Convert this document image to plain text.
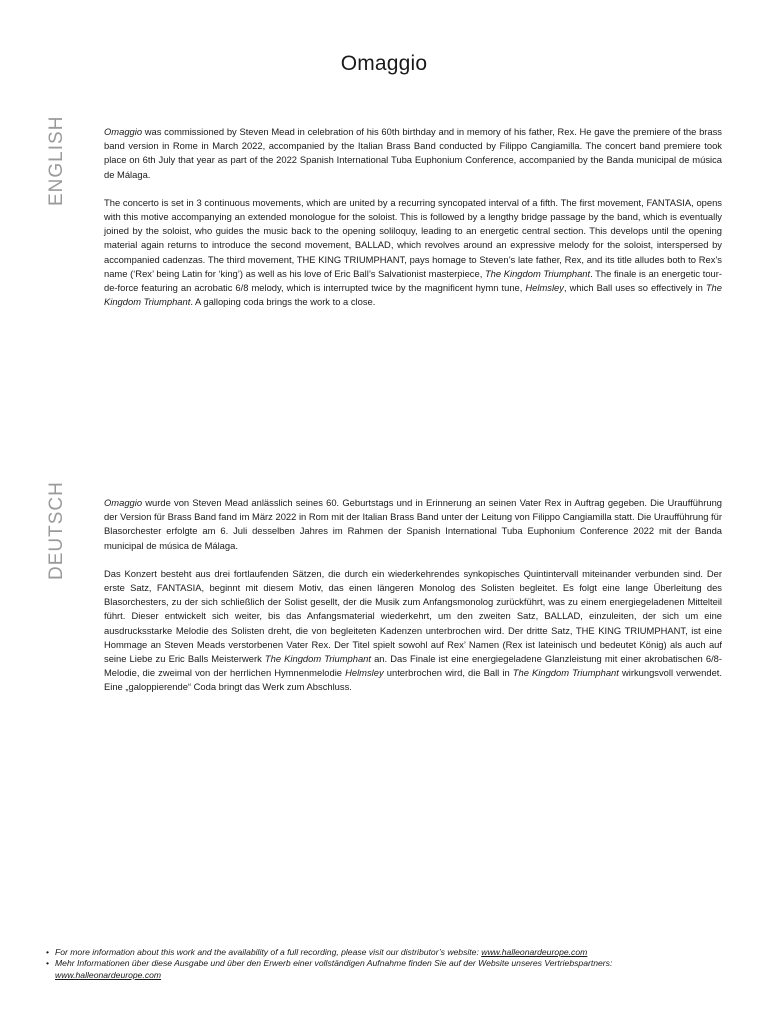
Omaggio
ENGLISH	Omaggio was commissioned by Steven Mead in celebration of his 60th birthday and in memory of his father, Rex. He gave the premiere of the brass band version in Rome in March 2022, accompanied by the Italian Brass Band conducted by Filippo Cangiamilla. The concert band premiere took place on 6th July that year as part of the 2022 Spanish International Tuba Euphonium Conference, accompanied by the Banda municipal de música de Málaga.

The concerto is set in 3 continuous movements, which are united by a recurring syncopated interval of a fifth. The first movement, FANTASIA, opens with this motive accompanying an extended monologue for the soloist. This is followed by a lengthy bridge passage by the band, which is eventually joined by the soloist, who guides the music back to the opening soliloquy, leading to an energetic central section. This develops until the opening material again returns to introduce the second movement, BALLAD, which revolves around an expressive melody for the soloist, interspersed by accompanied cadenzas. The third movement, THE KING TRIUMPHANT, pays homage to Steven’s late father, Rex, and its title alludes both to Rex’s name (‘Rex’ being Latin for ‘king’) as well as his love of Eric Ball’s Salvationist masterpiece, The Kingdom Triumphant. The finale is an energetic tour-de-force featuring an acrobatic 6/8 melody, which is interrupted twice by the magnificent hymn tune, Helmsley, which Ball uses so effectively in The Kingdom Triumphant. A galloping coda brings the work to a close.

DEUTSCH	Omaggio wurde von Steven Mead anlässlich seines 60. Geburtstags und in Erinnerung an seinen Vater Rex in Auftrag gegeben. Die Uraufführung der Version für Brass Band fand im März 2022 in Rom mit der Italian Brass Band unter der Leitung von Filippo Cangiamilla statt. Die Uraufführung für Blasorchester erfolgte am 6. Juli desselben Jahres im Rahmen der Spanish International Tuba Euphonium Conference 2022 mit der Banda municipal de música de Málaga.

Das Konzert besteht aus drei fortlaufenden Sätzen, die durch ein wiederkehrendes synkopisches Quintintervall miteinander verbunden sind. Der erste Satz, FANTASIA, beginnt mit diesem Motiv, das einen längeren Monolog des Solisten begleitet. Es folgt eine lange Überleitung des Blasorchesters, zu der sich schließlich der Solist gesellt, der die Musik zum Anfangsmonolog zurückführt, was zu einem energiegeladenen Mittelteil führt. Dieser entwickelt sich weiter, bis das Anfangsmaterial wiederkehrt, um den zweiten Satz, BALLAD, einzuleiten, der sich um eine ausdrucksstarke Melodie des Solisten dreht, die von begleiteten Kadenzen unterbrochen wird. Der dritte Satz, THE KING TRIUMPHANT, ist eine Hommage an Steven Meads verstorbenen Vater Rex. Der Titel spielt sowohl auf Rex’ Namen (Rex ist lateinisch und bedeutet König) als auch auf seine Liebe zu Eric Balls Meisterwerk The Kingdom Triumphant an. Das Finale ist eine energiegeladene Glanzleistung mit einer akrobatischen 6/8-Melodie, die zweimal von der herrlichen Hymnenmelodie Helmsley unterbrochen wird, die Ball in The Kingdom Triumphant wirkungsvoll verwendet. Eine „galoppierende“ Coda bringt das Werk zum Abschluss.

• For more information about this work and the availability of a full recording, please visit our distributor’s website: www.halleonardeurope.com

• Mehr Informationen über diese Ausgabe und über den Erwerb einer vollständigen Aufnahme finden Sie auf der Website unseres Vertriebspartners: www.halleonardeurope.com
